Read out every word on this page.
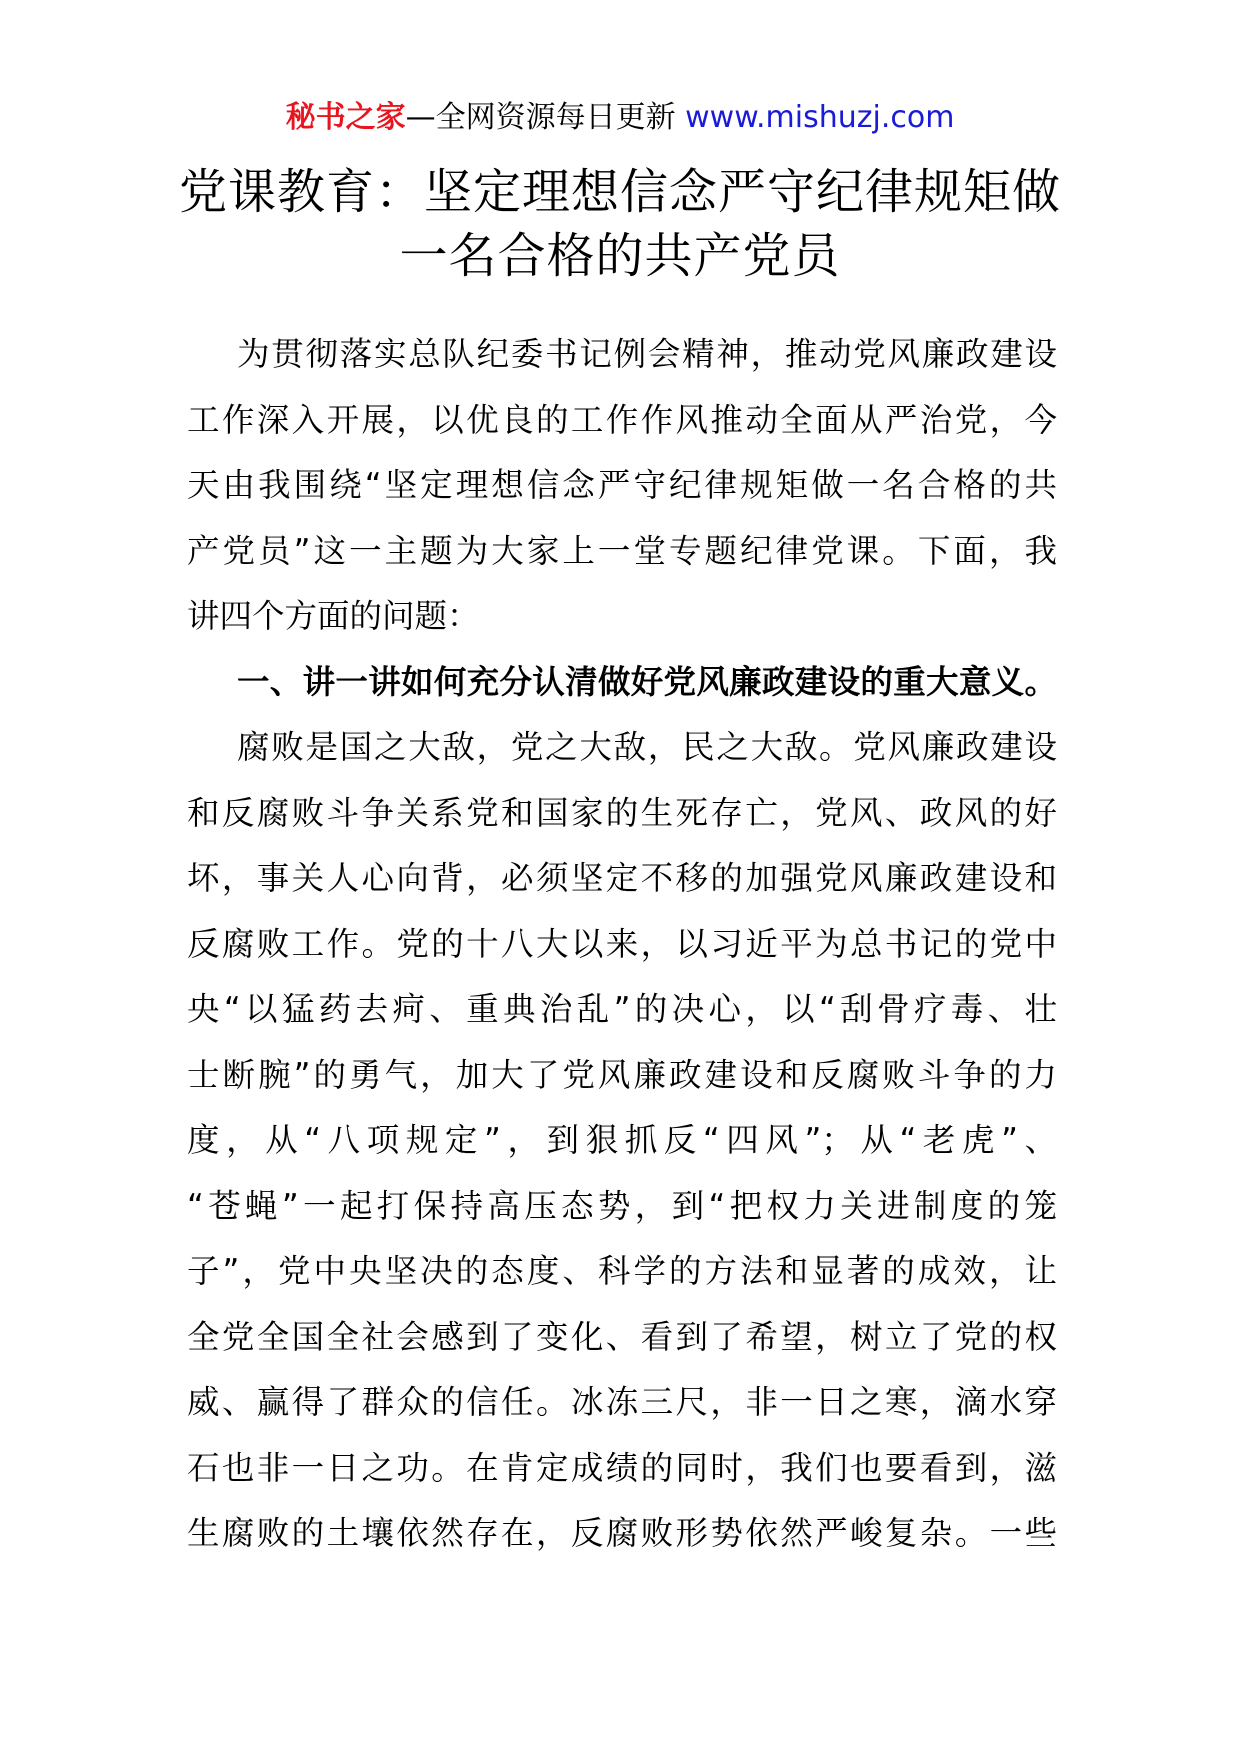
秘书之家—全网资源每日更新 www.mishuzj.com
党课教育：坚定理想信念严守纪律规矩做
一名合格的共产党员
为贯彻落实总队纪委书记例会精神，推动党风廉政建设
工作深入开展，以优良的工作作风推动全面从严治党，今
天由我围绕“坚定理想信念严守纪律规矩做一名合格的共
产党员”这一主题为大家上一堂专题纪律党课。下面，我
讲四个方面的问题：
一、讲一讲如何充分认清做好党风廉政建设的重大意义。
腐败是国之大敌，党之大敌，民之大敌。党风廉政建设
和反腐败斗争关系党和国家的生死存亡，党风、政风的好
坏，事关人心向背，必须坚定不移的加强党风廉政建设和
反腐败工作。党的十八大以来，以习近平为总书记的党中
央“以猛药去疴、重典治乱”的决心，以“刮骨疗毒、壮
士断腕”的勇气，加大了党风廉政建设和反腐败斗争的力
度，从“八项规定”，到狠抓反“四风”；从“老虎”、
“苍蝇”一起打保持高压态势，到“把权力关进制度的笼
子”，党中央坚决的态度、科学的方法和显著的成效，让
全党全国全社会感到了变化、看到了希望，树立了党的权
威、赢得了群众的信任。冰冻三尺，非一日之寒，滴水穿
石也非一日之功。在肯定成绩的同时，我们也要看到，滋
生腐败的土壤依然存在，反腐败形势依然严峻复杂。一些
